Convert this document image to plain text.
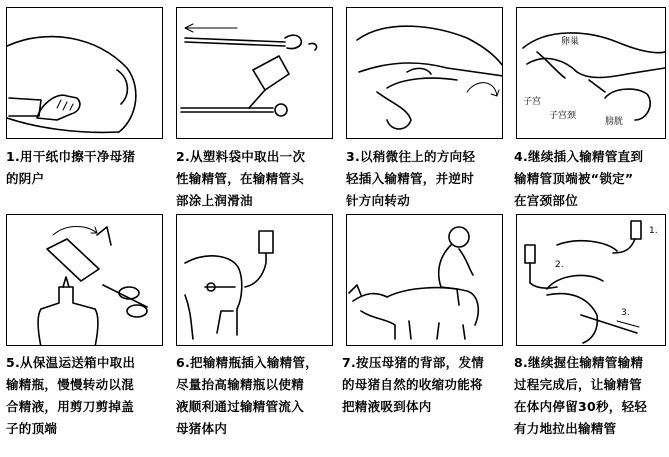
卵巢
子宫
子宫颈
膀胱
1.用干纸巾擦干净母猪
的阴户
2.从塑料袋中取出一次
性输精管，在输精管头
部涂上润滑油
3.以稍微往上的方向轻
轻插入输精管，并逆时
针方向转动
4.继续插入输精管直到
输精管顶端被“锁定”
在宫颈部位
1.
2.
3.
5.从保温运送箱中取出
输精瓶，慢慢转动以混
合精液，用剪刀剪掉盖
子的顶端
6.把输精瓶插入输精管，
尽量抬高输精瓶以使精
液顺利通过输精管流入
母猪体内
7.按压母猪的背部，发情
的母猪自然的收缩功能将
把精液吸到体内
8.继续握住输精管输精
过程完成后，让输精管
在体内停留30秒，轻轻
有力地拉出输精管
